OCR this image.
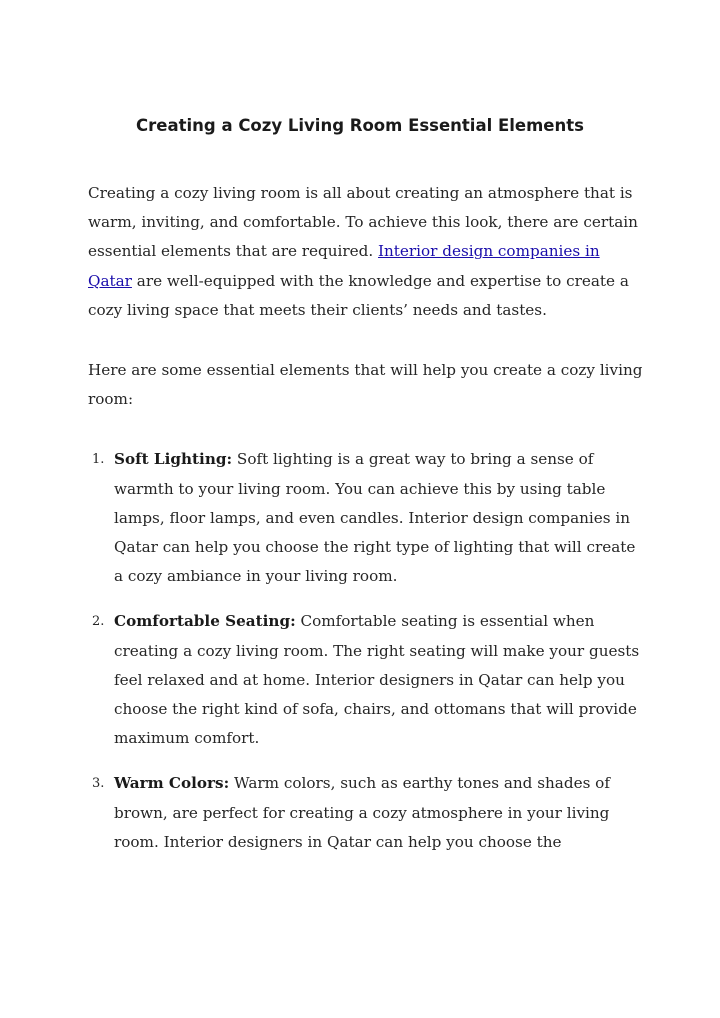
Creating a Cozy Living Room Essential Elements

Creating a cozy living room is all about creating an atmosphere that is warm, inviting, and comfortable. To achieve this look, there are certain essential elements that are required. Interior design companies in Qatar are well-equipped with the knowledge and expertise to create a cozy living space that meets their clients’ needs and tastes.

Here are some essential elements that will help you create a cozy living room:

1. Soft Lighting: Soft lighting is a great way to bring a sense of warmth to your living room. You can achieve this by using table lamps, floor lamps, and even candles. Interior design companies in Qatar can help you choose the right type of lighting that will create a cozy ambiance in your living room.
2. Comfortable Seating: Comfortable seating is essential when creating a cozy living room. The right seating will make your guests feel relaxed and at home. Interior designers in Qatar can help you choose the right kind of sofa, chairs, and ottomans that will provide maximum comfort.
3. Warm Colors: Warm colors, such as earthy tones and shades of brown, are perfect for creating a cozy atmosphere in your living room. Interior designers in Qatar can help you choose the
